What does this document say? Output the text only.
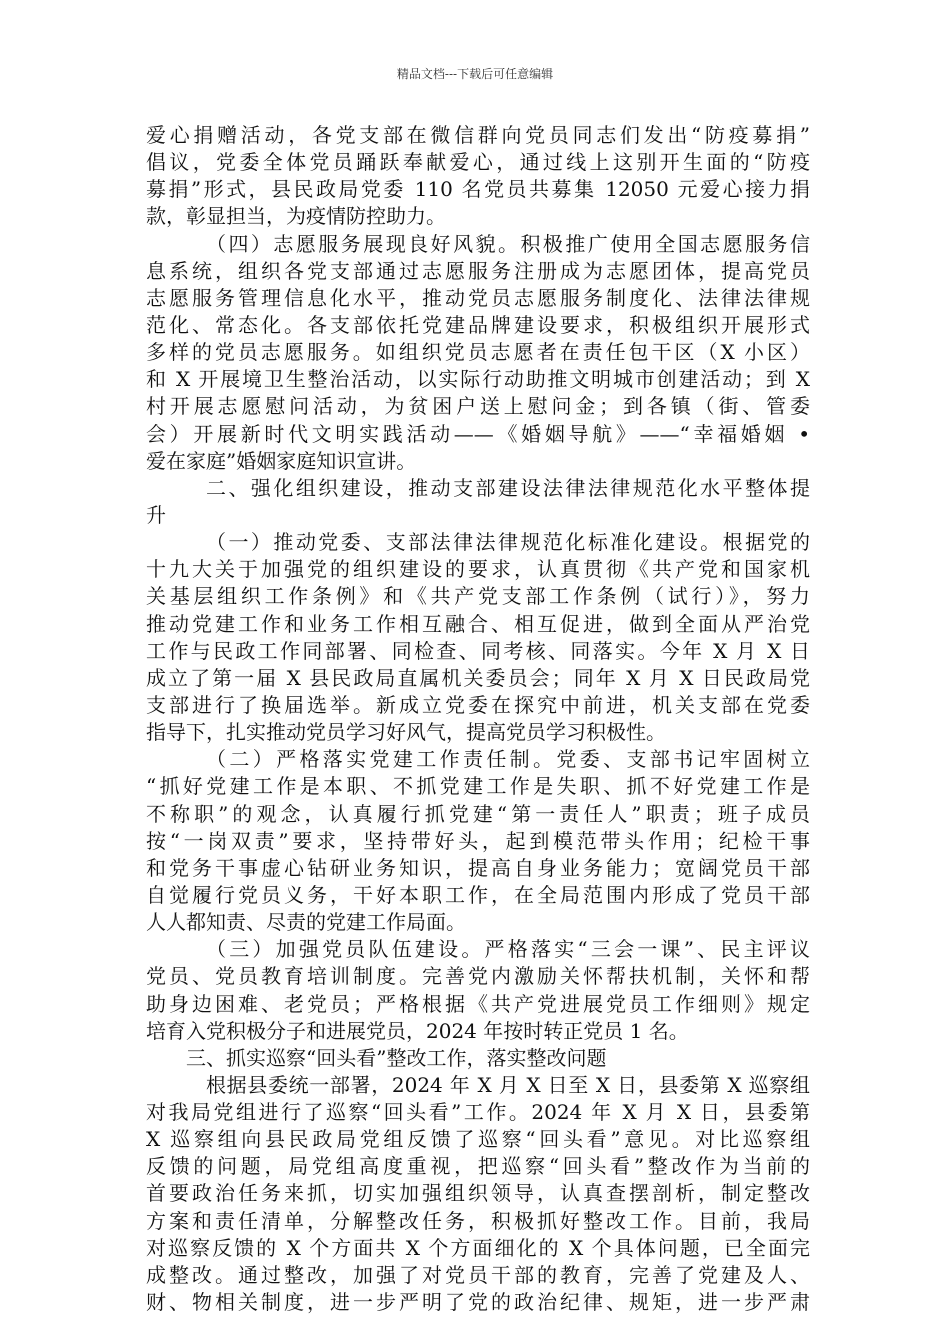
精品文档---下载后可任意编辑
爱心捐赠活动，各党支部在微信群向党员同志们发出“防疫募捐”
倡议，党委全体党员踊跃奉献爱心，通过线上这别开生面的“防疫
募捐”形式，县民政局党委 110 名党员共募集 12050 元爱心接力捐
款，彰显担当，为疫情防控助力。
（四）志愿服务展现良好风貌。积极推广使用全国志愿服务信
息系统，组织各党支部通过志愿服务注册成为志愿团体，提高党员
志愿服务管理信息化水平，推动党员志愿服务制度化、法律法律规
范化、常态化。各支部依托党建品牌建设要求，积极组织开展形式
多样的党员志愿服务。如组织党员志愿者在责任包干区（X 小区）
和 X 开展境卫生整治活动，以实际行动助推文明城市创建活动；到 X
村开展志愿慰问活动，为贫困户送上慰问金；到各镇（街、管委
会）开展新时代文明实践活动——《婚姻导航》——“幸福婚姻 •
爱在家庭”婚姻家庭知识宣讲。
二、强化组织建设，推动支部建设法律法律规范化水平整体提
升
（一）推动党委、支部法律法律规范化标准化建设。根据党的
十九大关于加强党的组织建设的要求，认真贯彻《共产党和国家机
关基层组织工作条例》和《共产党支部工作条例（试行）》，努力
推动党建工作和业务工作相互融合、相互促进，做到全面从严治党
工作与民政工作同部署、同检查、同考核、同落实。今年 X 月 X 日
成立了第一届 X 县民政局直属机关委员会；同年 X 月 X 日民政局党
支部进行了换届选举。新成立党委在探究中前进，机关支部在党委
指导下，扎实推动党员学习好风气，提高党员学习积极性。
（二）严格落实党建工作责任制。党委、支部书记牢固树立
“抓好党建工作是本职、不抓党建工作是失职、抓不好党建工作是
不称职”的观念，认真履行抓党建“第一责任人”职责；班子成员
按“一岗双责”要求，坚持带好头，起到模范带头作用；纪检干事
和党务干事虚心钻研业务知识，提高自身业务能力；宽阔党员干部
自觉履行党员义务，干好本职工作，在全局范围内形成了党员干部
人人都知责、尽责的党建工作局面。
（三）加强党员队伍建设。严格落实“三会一课”、民主评议
党员、党员教育培训制度。完善党内激励关怀帮扶机制，关怀和帮
助身边困难、老党员；严格根据《共产党进展党员工作细则》规定
培育入党积极分子和进展党员，2024 年按时转正党员 1 名。
三、抓实巡察“回头看”整改工作，落实整改问题
根据县委统一部署，2024 年 X 月 X 日至 X 日，县委第 X 巡察组
对我局党组进行了巡察“回头看”工作。2024 年 X 月 X 日，县委第
X 巡察组向县民政局党组反馈了巡察“回头看”意见。对比巡察组
反馈的问题，局党组高度重视，把巡察“回头看”整改作为当前的
首要政治任务来抓，切实加强组织领导，认真查摆剖析，制定整改
方案和责任清单，分解整改任务，积极抓好整改工作。目前，我局
对巡察反馈的 X 个方面共 X 个方面细化的 X 个具体问题，已全面完
成整改。通过整改，加强了对党员干部的教育，完善了党建及人、
财、物相关制度，进一步严明了党的政治纪律、规矩，进一步严肃
